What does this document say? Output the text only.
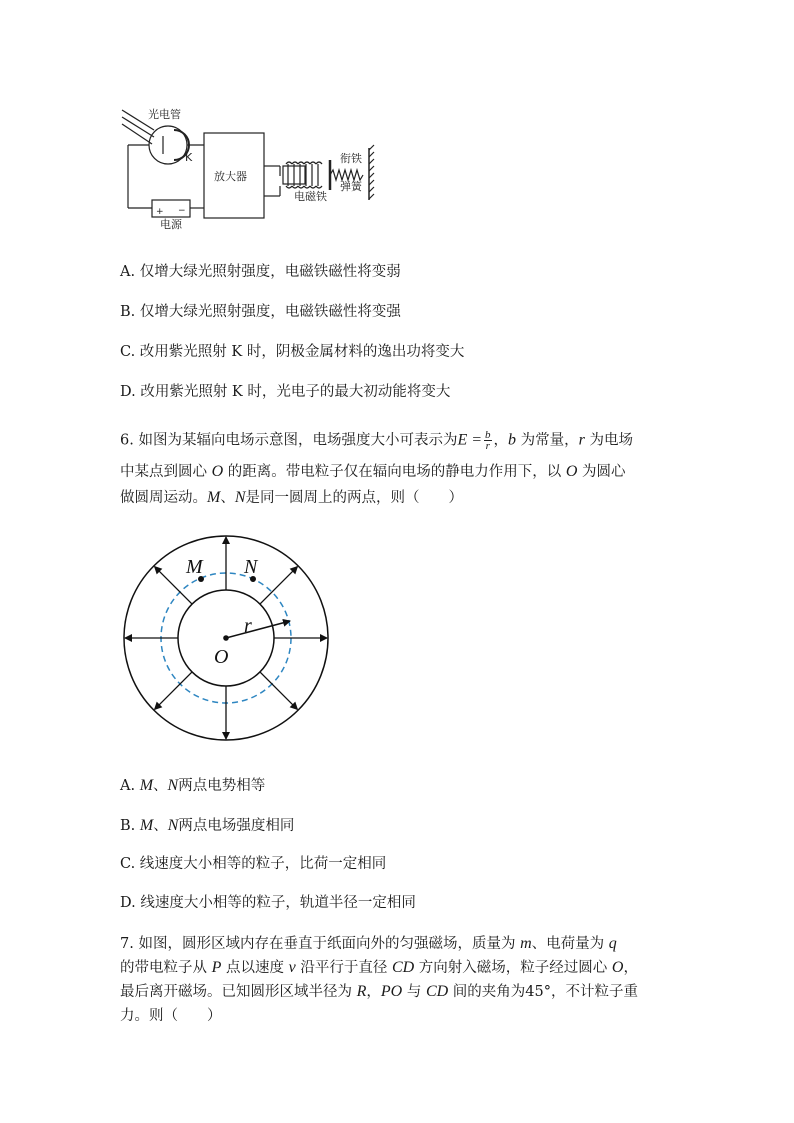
光电管
K
放大器
衔铁
弹簧
电磁铁
电源
+ −
A. 仅增大绿光照射强度，电磁铁磁性将变弱
B. 仅增大绿光照射强度，电磁铁磁性将变强
C. 改用紫光照射 K 时，阴极金属材料的逸出功将变大
D. 改用紫光照射 K 时，光电子的最大初动能将变大
6. 如图为某辐向电场示意图，电场强度大小可表示为$E = \frac{b}{r}$ ，b 为常量，r 为电场
中某点到圆心 O 的距离。带电粒子仅在辐向电场的静电力作用下，以 O 为圆心
做圆周运动。M、N是同一圆周上的两点，则（　　）
M N
r
O
A. M、N两点电势相等
B. M、N两点电场强度相同
C. 线速度大小相等的粒子，比荷一定相同
D. 线速度大小相等的粒子，轨道半径一定相同
7. 如图，圆形区域内存在垂直于纸面向外的匀强磁场，质量为 m、电荷量为 q
的带电粒子从 P 点以速度 v 沿平行于直径 CD 方向射入磁场，粒子经过圆心 O，
最后离开磁场。已知圆形区域半径为 R，PO 与 CD 间的夹角为45°，不计粒子重
力。则（　　）
